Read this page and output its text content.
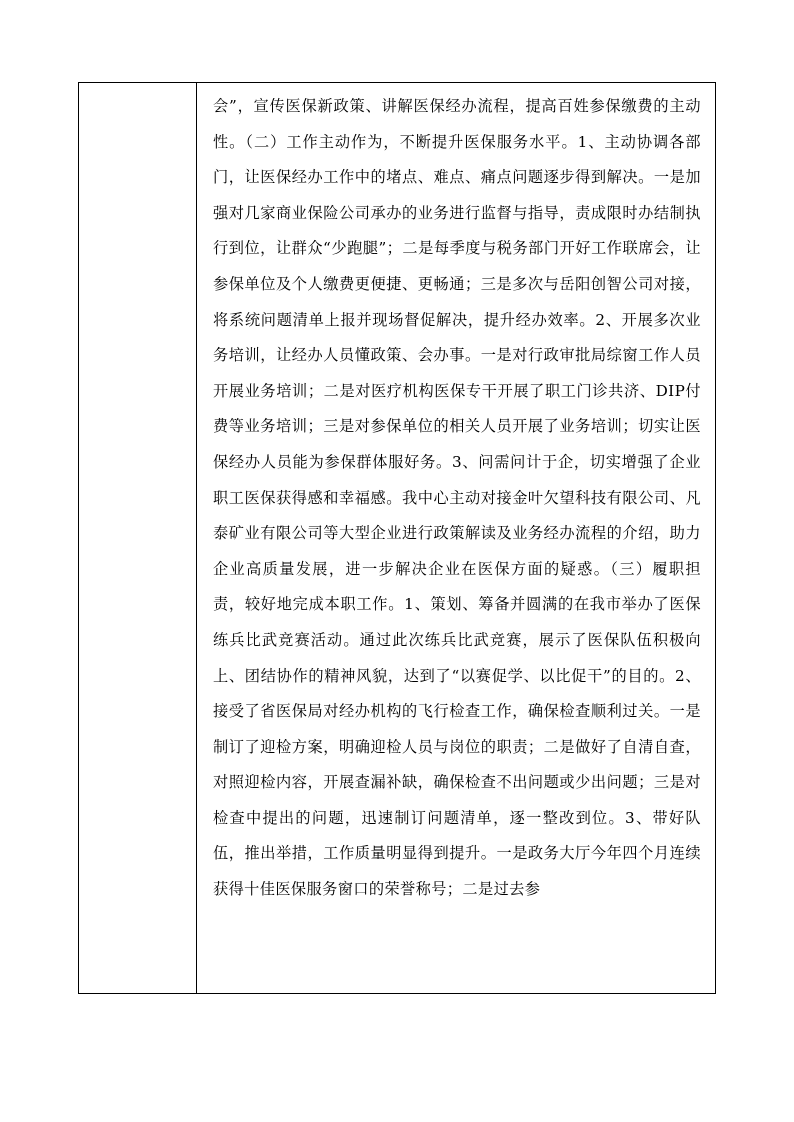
会”，宣传医保新政策、讲解医保经办流程，提高百姓参保缴费的主动性。（二）工作主动作为，不断提升医保服务水平。1、主动协调各部门，让医保经办工作中的堵点、难点、痛点问题逐步得到解决。一是加强对几家商业保险公司承办的业务进行监督与指导，责成限时办结制执行到位，让群众“少跑腿”；二是每季度与税务部门开好工作联席会，让参保单位及个人缴费更便捷、更畅通；三是多次与岳阳创智公司对接，将系统问题清单上报并现场督促解决，提升经办效率。2、开展多次业务培训，让经办人员懂政策、会办事。一是对行政审批局综窗工作人员开展业务培训；二是对医疗机构医保专干开展了职工门诊共济、DIP付费等业务培训；三是对参保单位的相关人员开展了业务培训；切实让医保经办人员能为参保群体服好务。3、问需问计于企，切实增强了企业职工医保获得感和幸福感。我中心主动对接金叶欠望科技有限公司、凡泰矿业有限公司等大型企业进行政策解读及业务经办流程的介绍，助力企业高质量发展，进一步解决企业在医保方面的疑惑。（三）履职担责，较好地完成本职工作。1、策划、筹备并圆满的在我市举办了医保练兵比武竞赛活动。通过此次练兵比武竞赛，展示了医保队伍积极向上、团结协作的精神风貌，达到了“以赛促学、以比促干”的目的。2、接受了省医保局对经办机构的飞行检查工作，确保检查顺利过关。一是制订了迎检方案，明确迎检人员与岗位的职责；二是做好了自清自查，对照迎检内容，开展查漏补缺，确保检查不出问题或少出问题；三是对检查中提出的问题，迅速制订问题清单，逐一整改到位。3、带好队伍，推出举措，工作质量明显得到提升。一是政务大厅今年四个月连续获得十佳医保服务窗口的荣誉称号；二是过去参
